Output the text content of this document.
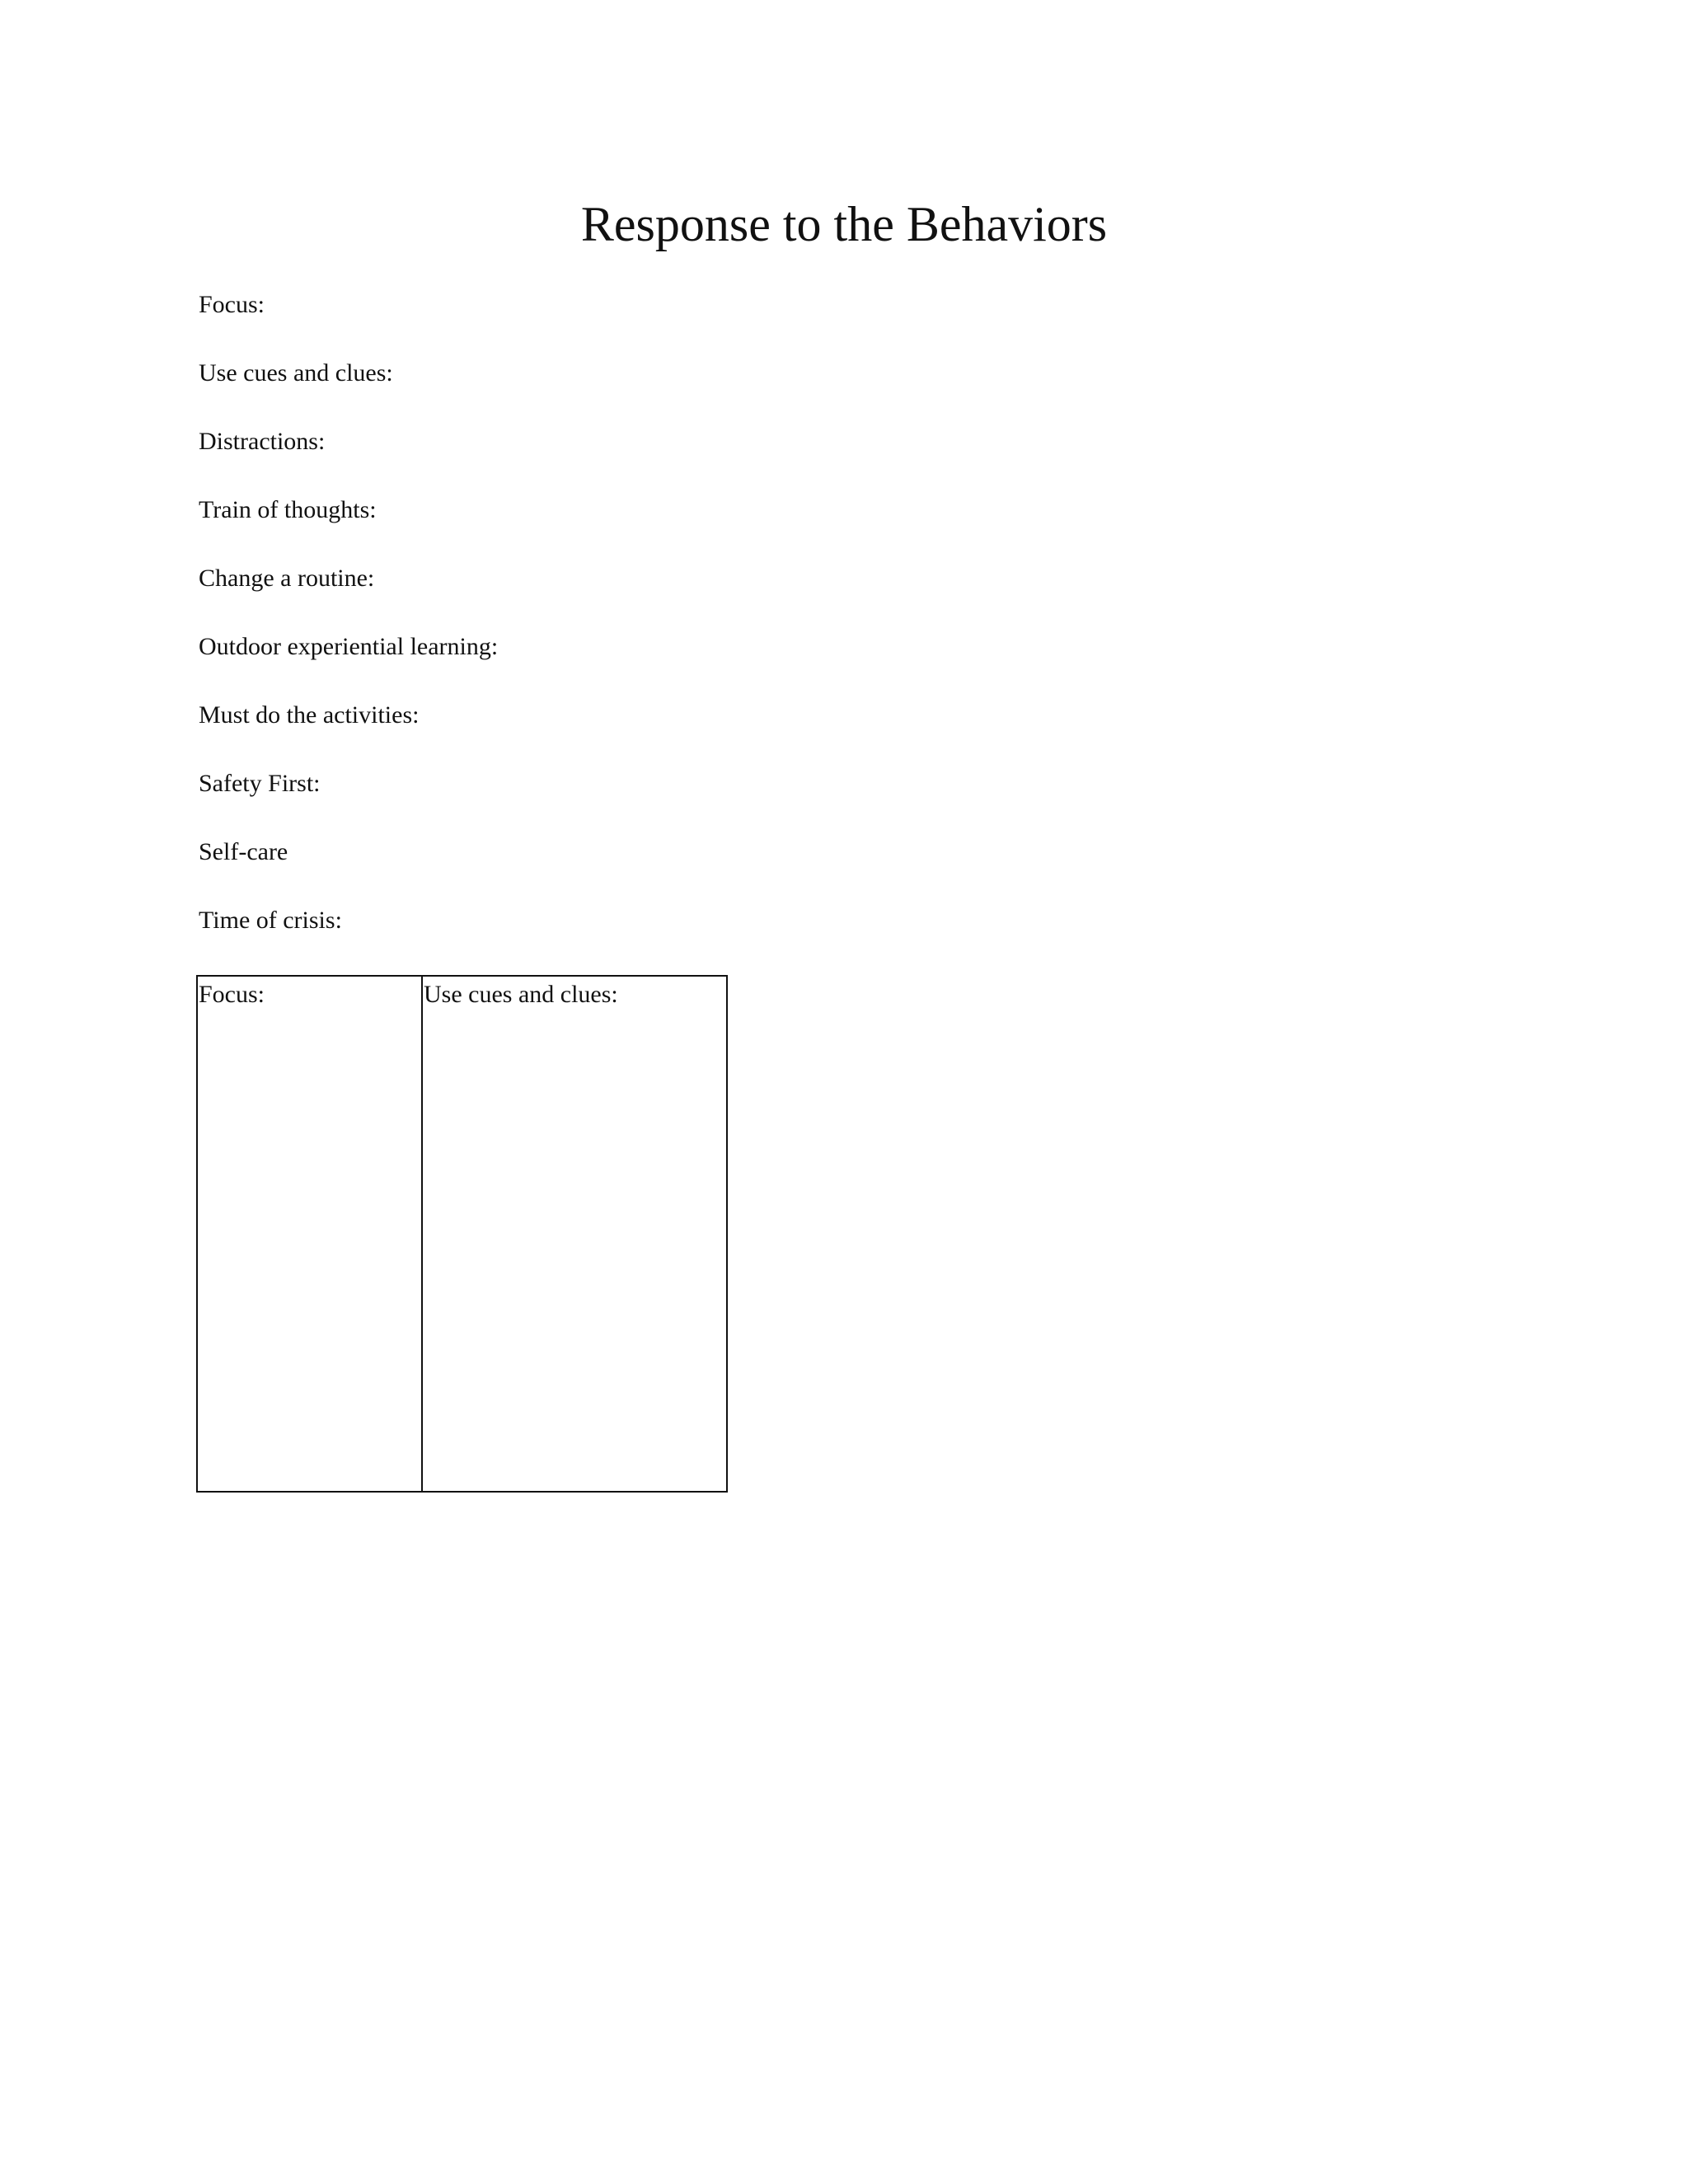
Response to the Behaviors
Focus:
Use cues and clues:
Distractions:
Train of thoughts:
Change a routine:
Outdoor experiential learning:
Must do the activities:
Safety First:
Self-care
Time of crisis:
Focus:	Use cues and clues:
